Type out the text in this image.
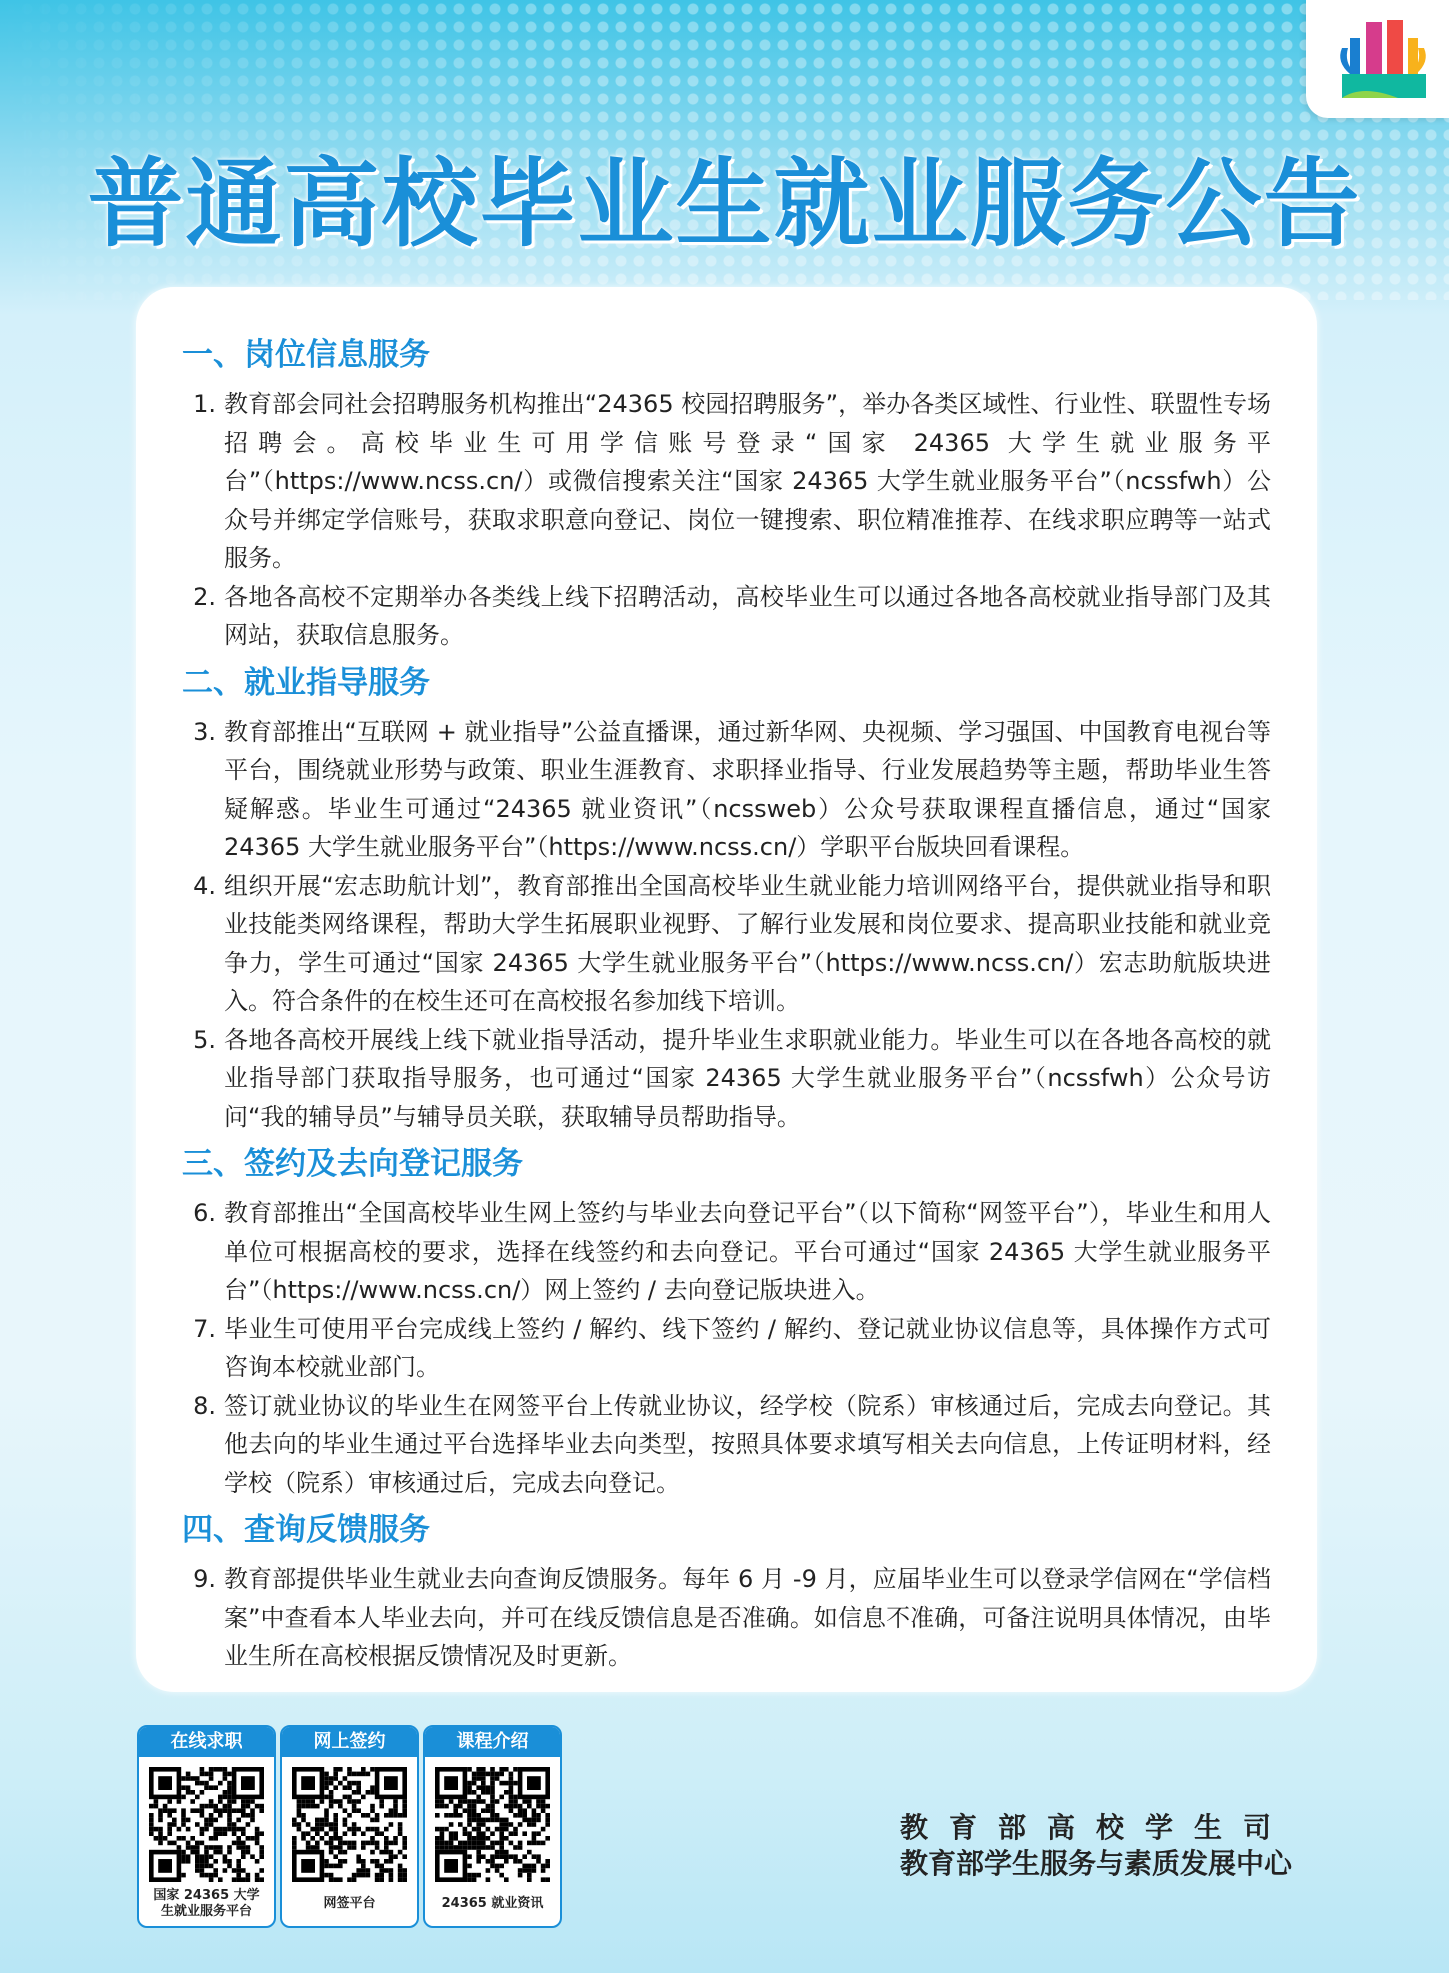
普通高校毕业生就业服务公告
一、岗位信息服务
1. 教育部会同社会招聘服务机构推出“24365 校园招聘服务”，举办各类区域性、行业性、联盟性专场招聘会。高校毕业生可用学信账号登录“国家 24365 大学生就业服务平台”（https://www.ncss.cn/）或微信搜索关注“国家 24365 大学生就业服务平台”（ncssfwh）公众号并绑定学信账号，获取求职意向登记、岗位一键搜索、职位精准推荐、在线求职应聘等一站式服务。
2. 各地各高校不定期举办各类线上线下招聘活动，高校毕业生可以通过各地各高校就业指导部门及其网站，获取信息服务。
二、就业指导服务
3. 教育部推出“互联网 + 就业指导”公益直播课，通过新华网、央视频、学习强国、中国教育电视台等平台，围绕就业形势与政策、职业生涯教育、求职择业指导、行业发展趋势等主题，帮助毕业生答疑解惑。毕业生可通过“24365 就业资讯”（ncssweb）公众号获取课程直播信息，通过“国家 24365 大学生就业服务平台”（https://www.ncss.cn/）学职平台版块回看课程。
4. 组织开展“宏志助航计划”，教育部推出全国高校毕业生就业能力培训网络平台，提供就业指导和职业技能类网络课程，帮助大学生拓展职业视野、了解行业发展和岗位要求、提高职业技能和就业竞争力，学生可通过“国家 24365 大学生就业服务平台”（https://www.ncss.cn/）宏志助航版块进入。符合条件的在校生还可在高校报名参加线下培训。
5. 各地各高校开展线上线下就业指导活动，提升毕业生求职就业能力。毕业生可以在各地各高校的就业指导部门获取指导服务，也可通过“国家 24365 大学生就业服务平台”（ncssfwh）公众号访问“我的辅导员”与辅导员关联，获取辅导员帮助指导。
三、签约及去向登记服务
6. 教育部推出“全国高校毕业生网上签约与毕业去向登记平台”（以下简称“网签平台”），毕业生和用人单位可根据高校的要求，选择在线签约和去向登记。平台可通过“国家 24365 大学生就业服务平台”（https://www.ncss.cn/）网上签约 / 去向登记版块进入。
7. 毕业生可使用平台完成线上签约 / 解约、线下签约 / 解约、登记就业协议信息等，具体操作方式可咨询本校就业部门。
8. 签订就业协议的毕业生在网签平台上传就业协议，经学校（院系）审核通过后，完成去向登记。其他去向的毕业生通过平台选择毕业去向类型，按照具体要求填写相关去向信息，上传证明材料，经学校（院系）审核通过后，完成去向登记。
四、查询反馈服务
9. 教育部提供毕业生就业去向查询反馈服务。每年 6 月 -9 月，应届毕业生可以登录学信网在“学信档案”中查看本人毕业去向，并可在线反馈信息是否准确。如信息不准确，可备注说明具体情况，由毕业生所在高校根据反馈情况及时更新。
在线求职
国家 24365 大学
生就业服务平台
网上签约
网签平台
课程介绍
24365 就业资讯
教育部高校学生司
教育部学生服务与素质发展中心
